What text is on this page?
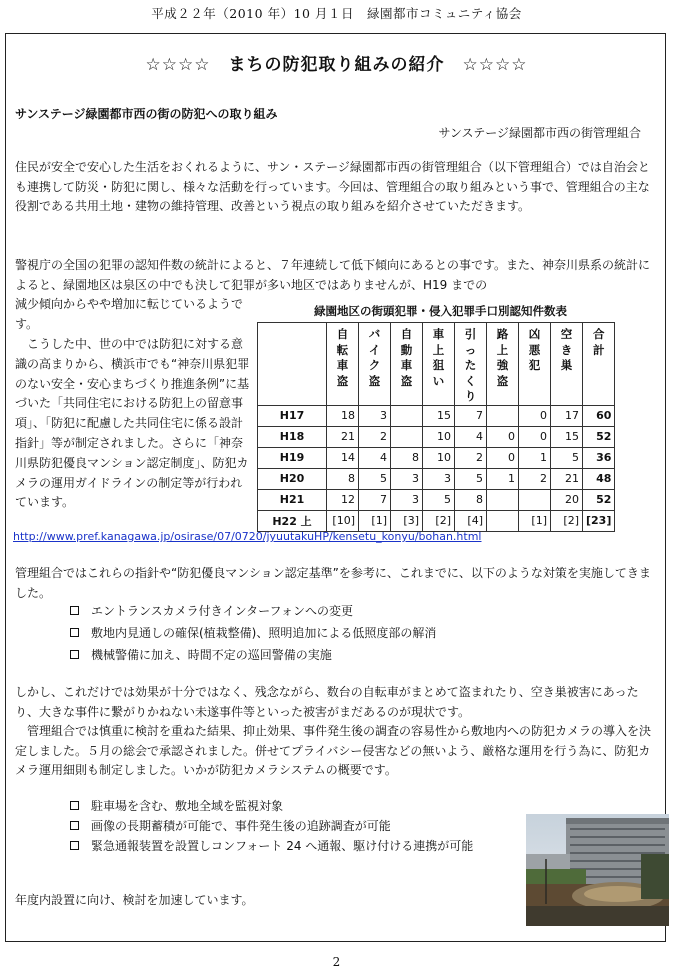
平成２２年（2010 年）10 月１日　緑園都市コミュニティ協会
☆☆☆☆　まちの防犯取り組みの紹介　☆☆☆☆
サンステージ緑園都市西の街の防犯への取り組み
サンステージ緑園都市西の街管理組合

住民が安全で安心した生活をおくれるように、サン・ステージ緑園都市西の街管理組合（以下管理組合）では自治会とも連携して防災・防犯に関し、様々な活動を行っています。今回は、管理組合の取り組みという事で、管理組合の主な役割である共用土地・建物の維持管理、改善という視点の取り組みを紹介させていただきます。

警視庁の全国の犯罪の認知件数の統計によると、７年連続して低下傾向にあるとの事です。また、神奈川県系の統計によると、緑園地区は泉区の中でも決して犯罪が多い地区ではありませんが、H19 までの

減少傾向からやや増加に転じているようです。

　こうした中、世の中では防犯に対する意識の高まりから、横浜市でも“神奈川県犯罪のない安全・安心まちづくり推進条例”に基づいた「共同住宅における防犯上の留意事項」、「防犯に配慮した共同住宅に係る設計指針」等が制定されました。さらに「神奈川県防犯優良マンション認定制度」、防犯カメラの運用ガイドラインの制定等が行われています。

緑園地区の街頭犯罪・侵入犯罪手口別認知件数表

	自転車盗	バイク盗	自動車盗	車上狙い	引ったくり	路上強盗	凶悪犯	空き巣	合計

H17	18	3		15	7		0	17	60
H18	21	2		10	4	0	0	15	52
H19	14	4	8	10	2	0	1	5	36
H20	8	5	3	3	5	1	2	21	48
H21	12	7	3	5	8			20	52
H22 上	[10]	[1]	[3]	[2]	[4]		[1]	[2]	[23]
http://www.pref.kanagawa.jp/osirase/07/0720/jyuutakuHP/kensetu_konyu/bohan.html

管理組合ではこれらの指針や“防犯優良マンション認定基準”を参考に、これまでに、以下のような対策を実施してきました。

エントランスカメラ付きインターフォンへの変更
敷地内見通しの確保(植栽整備)、照明追加による低照度部の解消
機械警備に加え、時間不定の巡回警備の実施

しかし、これだけでは効果が十分ではなく、残念ながら、数台の自転車がまとめて盗まれたり、空き巣被害にあったり、大きな事件に繋がりかねない未遂事件等といった被害がまだあるのが現状です。

　管理組合では慎重に検討を重ねた結果、抑止効果、事件発生後の調査の容易性から敷地内への防犯カメラの導入を決定しました。５月の総会で承認されました。併せてプライバシー侵害などの無いよう、厳格な運用を行う為に、防犯カメラ運用細則も制定しました。いかが防犯カメラシステムの概要です。

駐車場を含む、敷地全域を監視対象
画像の長期蓄積が可能で、事件発生後の追跡調査が可能
緊急通報装置を設置しコンフォート 24 へ通報、駆け付ける連携が可能

年度内設置に向け、検討を加速しています。

2
